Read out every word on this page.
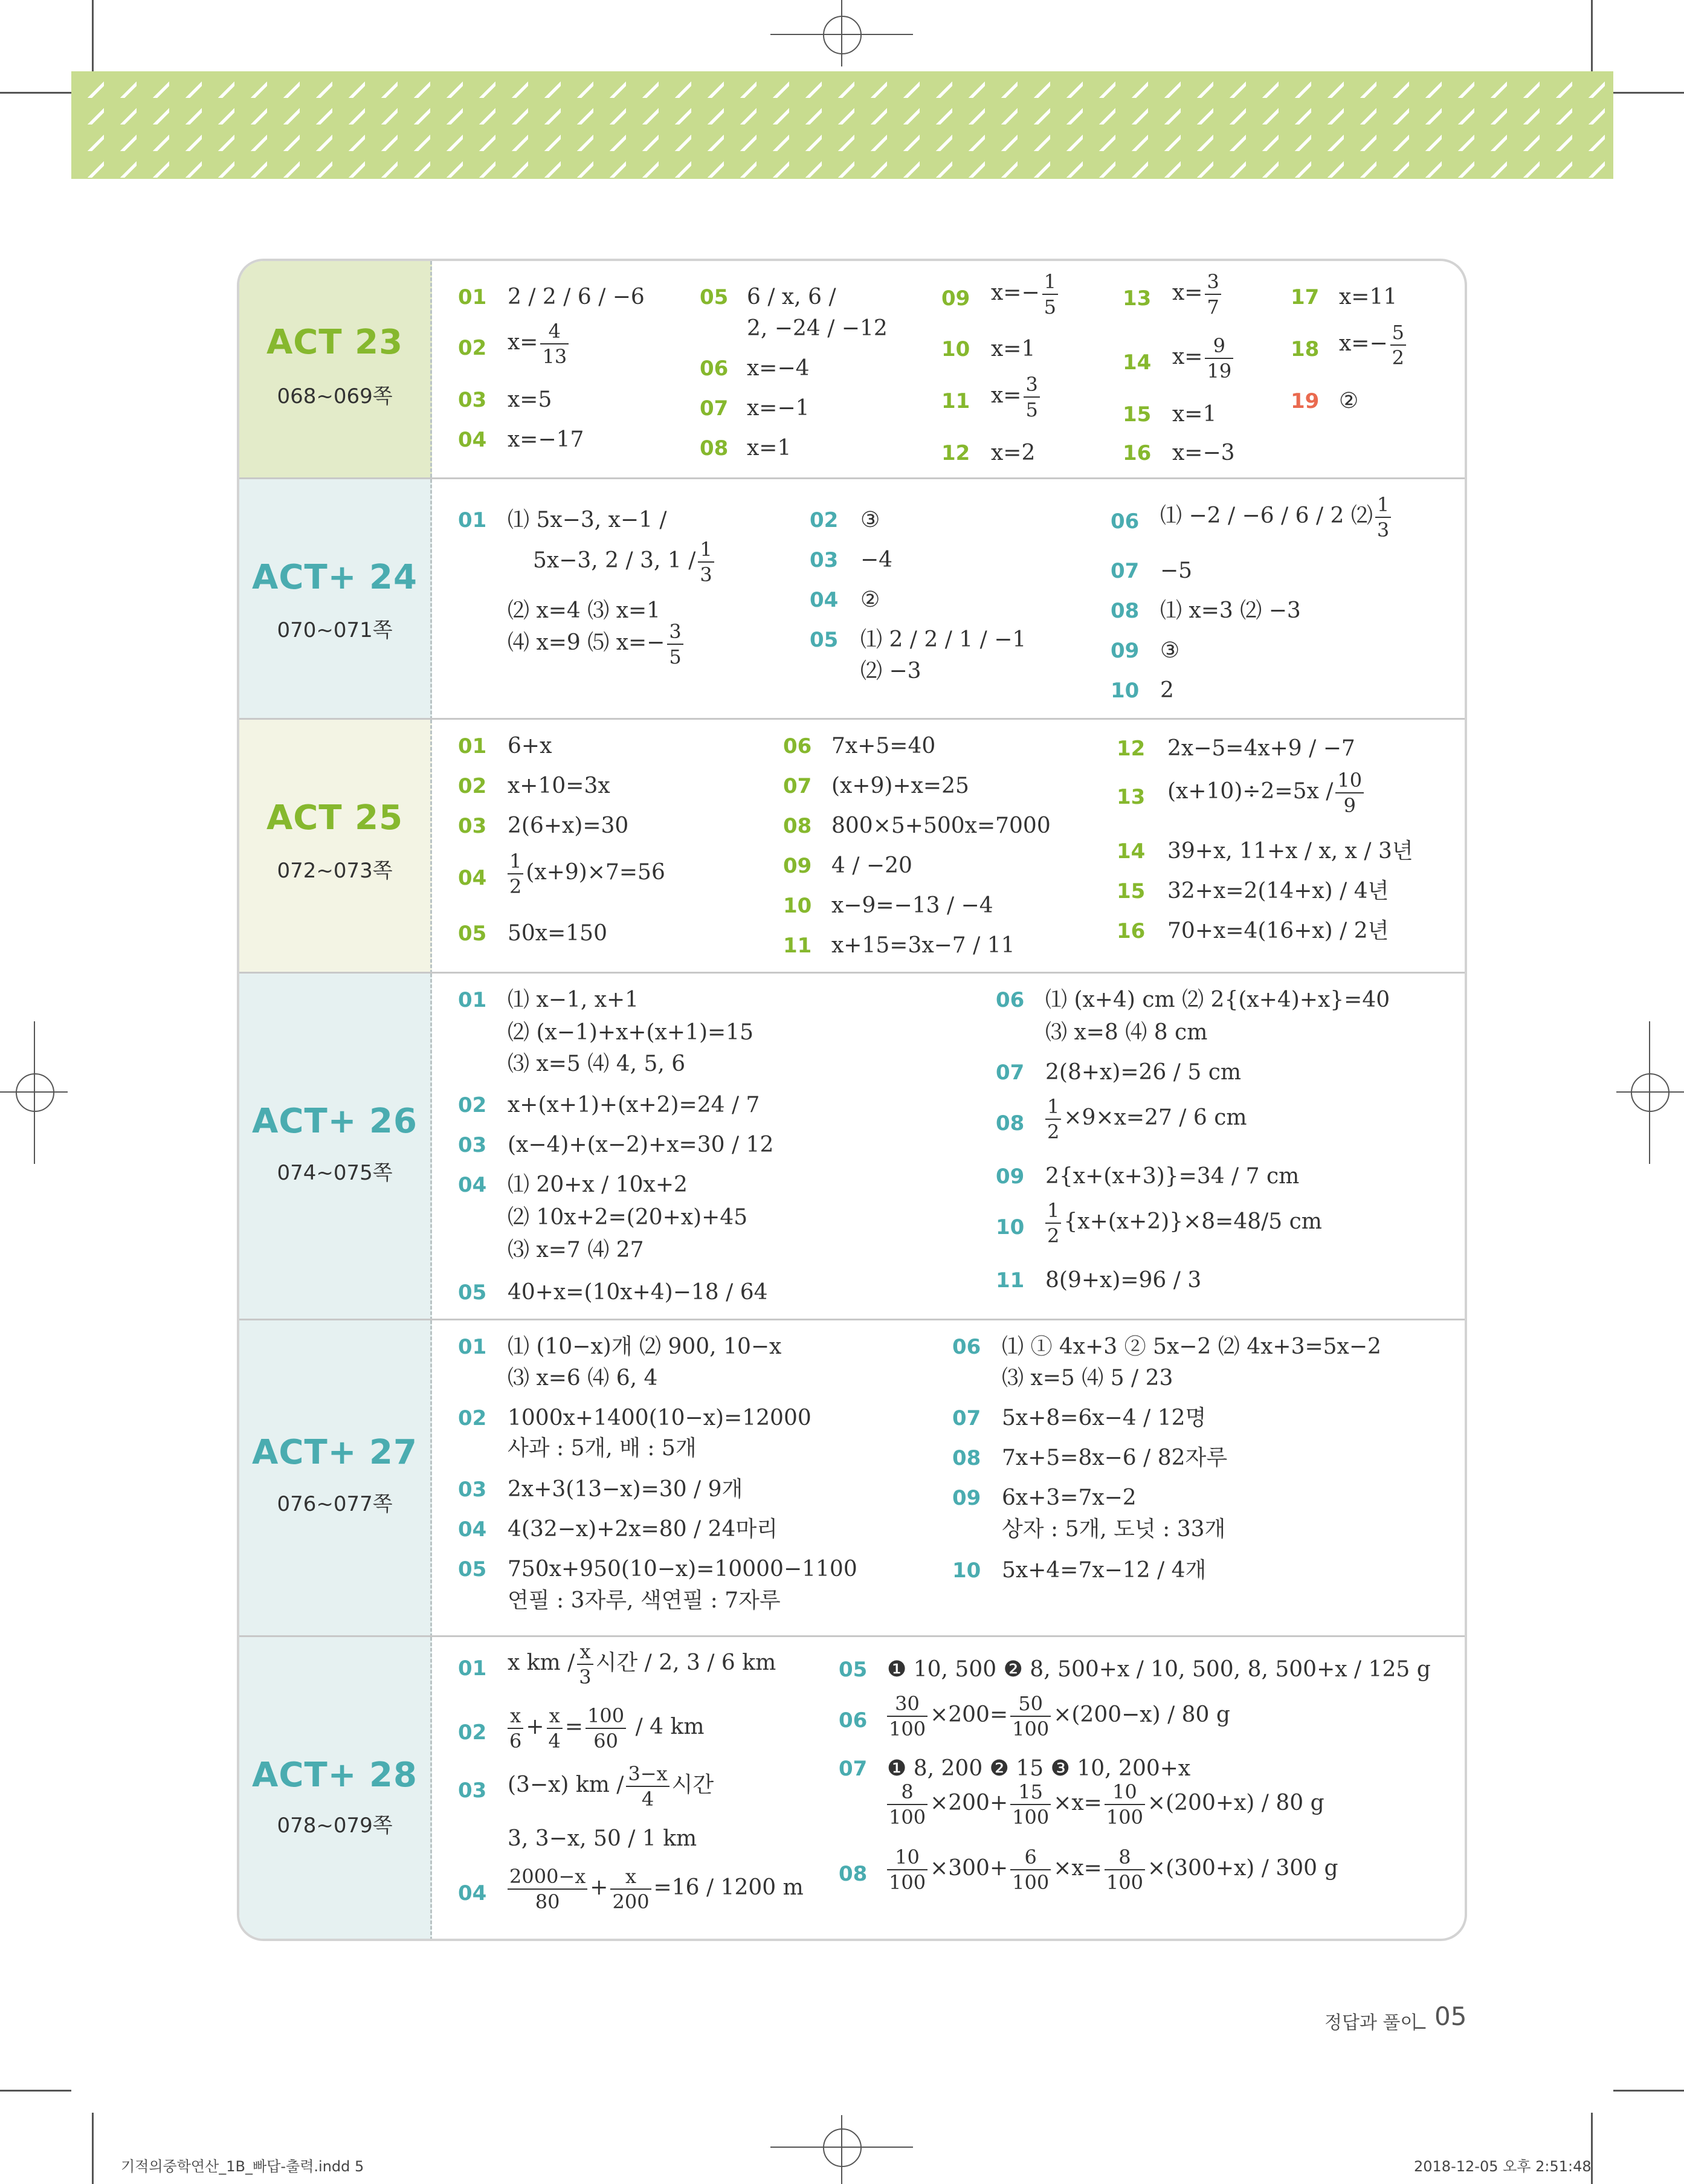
ACT 23
068~069쪽
01 2 / 2 / 6 / −6
02 $x= \frac{4}{13}$
03 x=5
04 x=−17
05 6 / x, 6 /
2, −24 / −12
06 x=−4
07 x=−1
08 x=1
09 $x=- \frac{1}{5}$
10 x=1
11 $x= \frac{3}{5}$
12 x=2
13 $x= \frac{3}{7}$
14 $x= \frac{9}{19}$
15 x=1
16 x=−3
17 x=11
18 $x=- \frac{5}{2}$
19 ②
ACT+ 24
070~071쪽
01 ⑴ 5x−3, x−1 /
5x−3, 2 / 3, $1 / \frac{1}{3}$
⑵ x=4 ⑶ x=1
⑷ x=9 ⑸ $x=- \frac{3}{5}$
02 ③
03 −4
04 ②
05 ⑴ 2 / 2 / 1 / −1
⑵ −3
06 ⑴ −2 / −6 / 6 / 2 ⑵ $\frac{1}{3}$
07 −5
08 ⑴ x=3 ⑵ −3
09 ③
10 2
ACT 25
072~073쪽
01 6+x
02 x+10=3x
03 2(6+x)=30
$04 \frac{1}{2} (x+9)\times 7=56$
05 50x=150
06 7x+5=40
07 (x+9)+x=25
08 800×5+500x=7000
09 4 / −20
10 x−9=−13 / −4
11 x+15=3x−7 / 11
12 2x−5=4x+9 / −7
13 $(x+10)\div 2=5x / \frac{10}{9}$
14 39+x, 11+x / x, x / 3년
15 32+x=2(14+x) / 4년
16 70+x=4(16+x) / 2년
ACT+ 26
074~075쪽
01 ⑴ x−1, x+1
⑵ (x−1)+x+(x+1)=15
⑶ x=5 ⑷ 4, 5, 6
02 x+(x+1)+(x+2)=24 / 7
03 (x−4)+(x−2)+x=30 / 12
04 ⑴ 20+x / 10x+2
⑵ 10x+2=(20+x)+45
⑶ x=7 ⑷ 27
05 40+x=(10x+4)−18 / 64
06 ⑴ (x+4) cm ⑵ 2{(x+4)+x}=40
⑶ x=8 ⑷ 8 cm
07 2(8+x)=26 / 5 cm
$08 \frac{1}{2} \times 9\times x=27 / 6$ cm
09 2{x+(x+3)}=34 / 7 cm
$10 \frac{1}{2} \{x+(x+2)\}\times 8=48/5$ cm
11 8(9+x)=96 / 3
ACT+ 27
076~077쪽
01 ⑴ (10−x)개 ⑵ 900, 10−x
⑶ x=6 ⑷ 6, 4
02 1000x+1400(10−x)=12000
사과 : 5개, 배 : 5개
03 2x+3(13−x)=30 / 9개
04 4(32−x)+2x=80 / 24마리
05 750x+950(10−x)=10000−1100
연필 : 3자루, 색연필 : 7자루
06 ⑴ ① 4x+3 ② 5x−2 ⑵ 4x+3=5x−2
⑶ x=5 ⑷ 5 / 23
07 5x+8=6x−4 / 12명
08 7x+5=8x−6 / 82자루
09 6x+3=7x−2
상자 : 5개, 도넛 : 33개
10 5x+4=7x−12 / 4개
ACT+ 28
078~079쪽
01 x km / $\frac{x}{3}$ 시간 / 2, 3 / 6 km
$02 \frac{x}{6} + \frac{x}{4} = \frac{100}{60} / 4$ km
03 (3−x) km / $\frac{3-x}{4}$ 시간
3, 3−x, 50 / 1 km
$04 \frac{2000-x}{80} + \frac{x}{200} =16 / 1200$ m
05 ❶ 10, 500 ❷ 8, 500+x / 10, 500, 8, 500+x / 125 g
$06 \frac{30}{100} \times 200= \frac{50}{100} \times(200-x) / 80$ g
07 ❶ 8, 200 ❷ 15 ❸ 10, 200+x
$\frac{8}{100} \times 200+ \frac{15}{100} \times x= \frac{10}{100} \times(200+x) / 80$ g
$08 \frac{10}{100} \times 300+ \frac{6}{100} \times x= \frac{8}{100} \times(300+x) / 300$ g
정답과 풀이
_ 05
기적의중학연산_1B_빠답-출력.indd 5	2018-12-05 오후 2:51:48
